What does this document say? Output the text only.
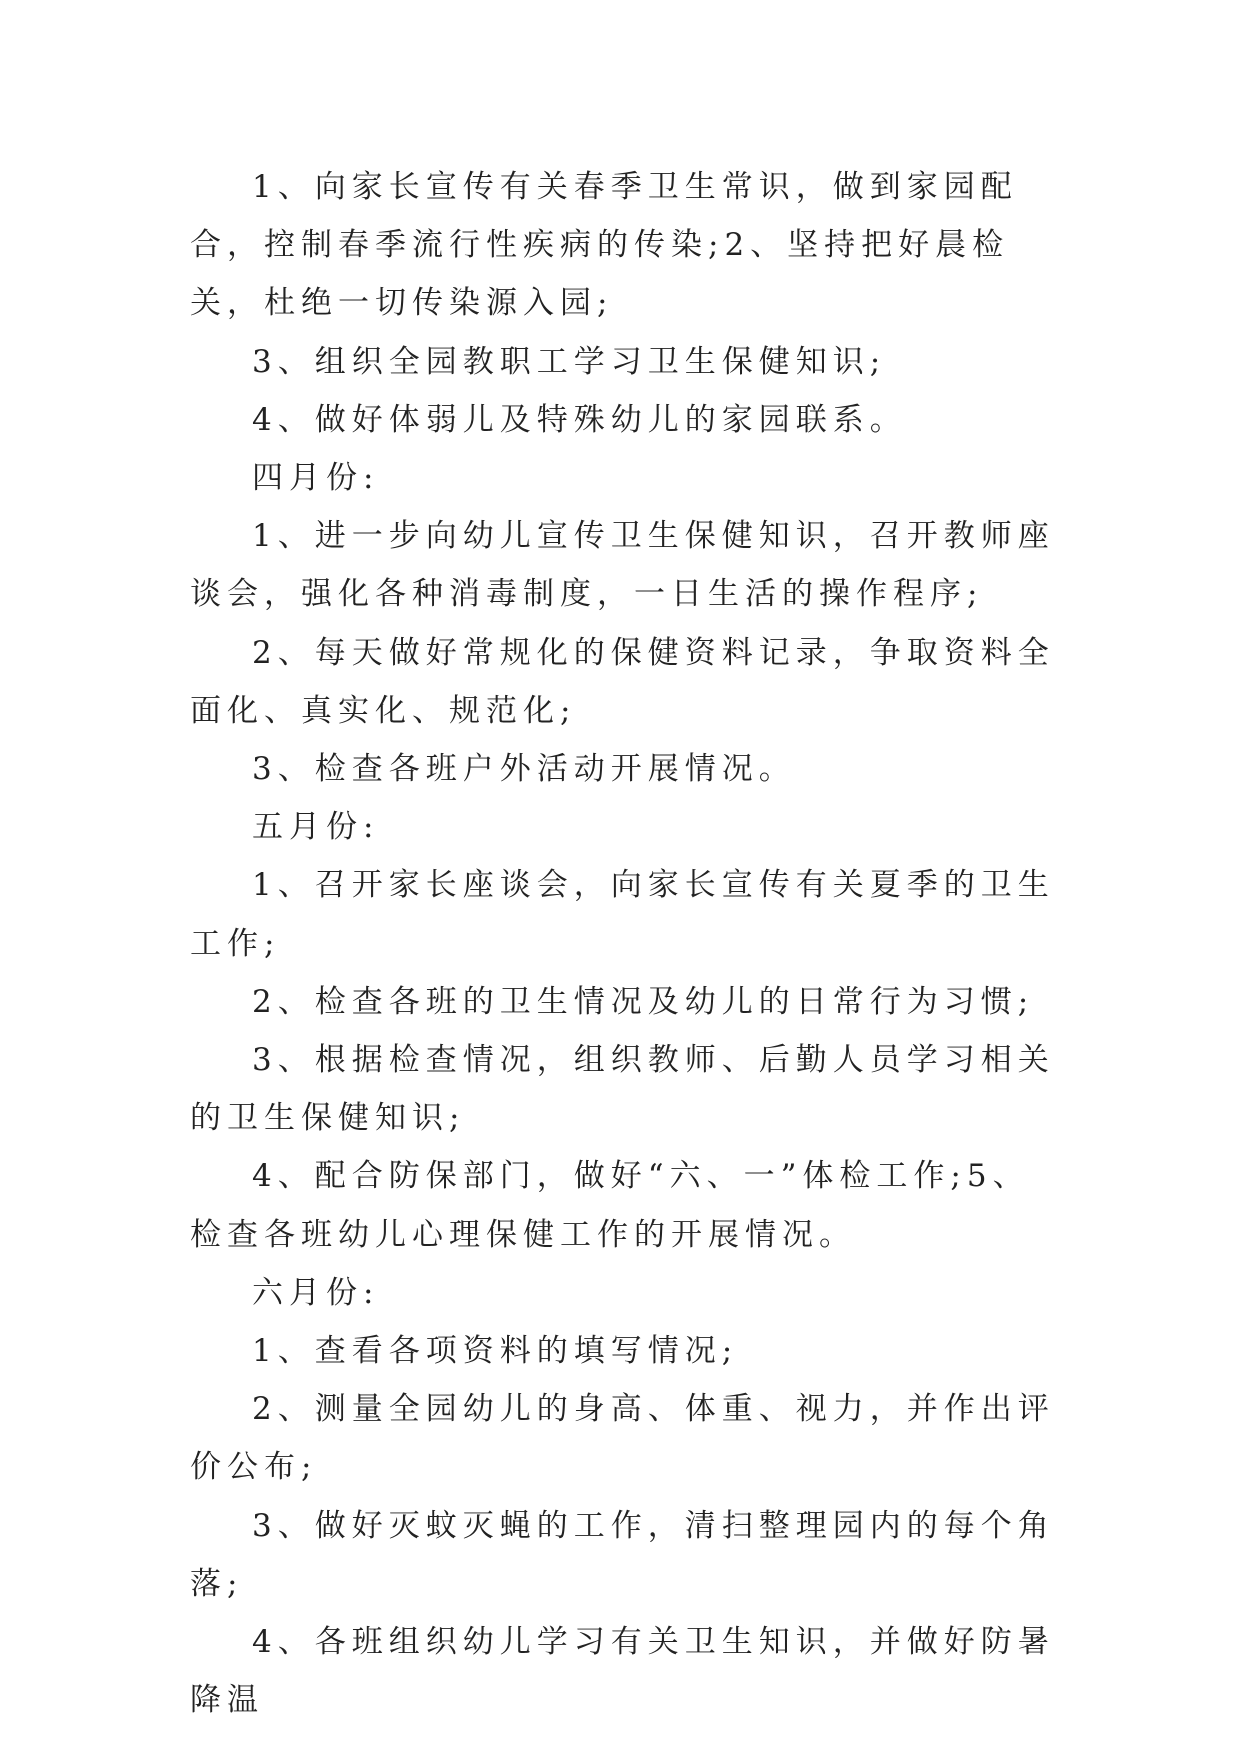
1、向家长宣传有关春季卫生常识，做到家园配合，控制春季流行性疾病的传染;2、坚持把好晨检关，杜绝一切传染源入园;

3、组织全园教职工学习卫生保健知识;

4、做好体弱儿及特殊幼儿的家园联系。

四月份:

1、进一步向幼儿宣传卫生保健知识，召开教师座谈会，强化各种消毒制度，一日生活的操作程序;

2、每天做好常规化的保健资料记录，争取资料全面化、真实化、规范化;

3、检查各班户外活动开展情况。

五月份:

1、召开家长座谈会，向家长宣传有关夏季的卫生工作;

2、检查各班的卫生情况及幼儿的日常行为习惯;

3、根据检查情况，组织教师、后勤人员学习相关的卫生保健知识;

4、配合防保部门，做好“六、一”体检工作;5、检查各班幼儿心理保健工作的开展情况。

六月份:

1、查看各项资料的填写情况;

2、测量全园幼儿的身高、体重、视力，并作出评价公布;

3、做好灭蚊灭蝇的工作，清扫整理园内的每个角落;

4、各班组织幼儿学习有关卫生知识，并做好防暑降温
